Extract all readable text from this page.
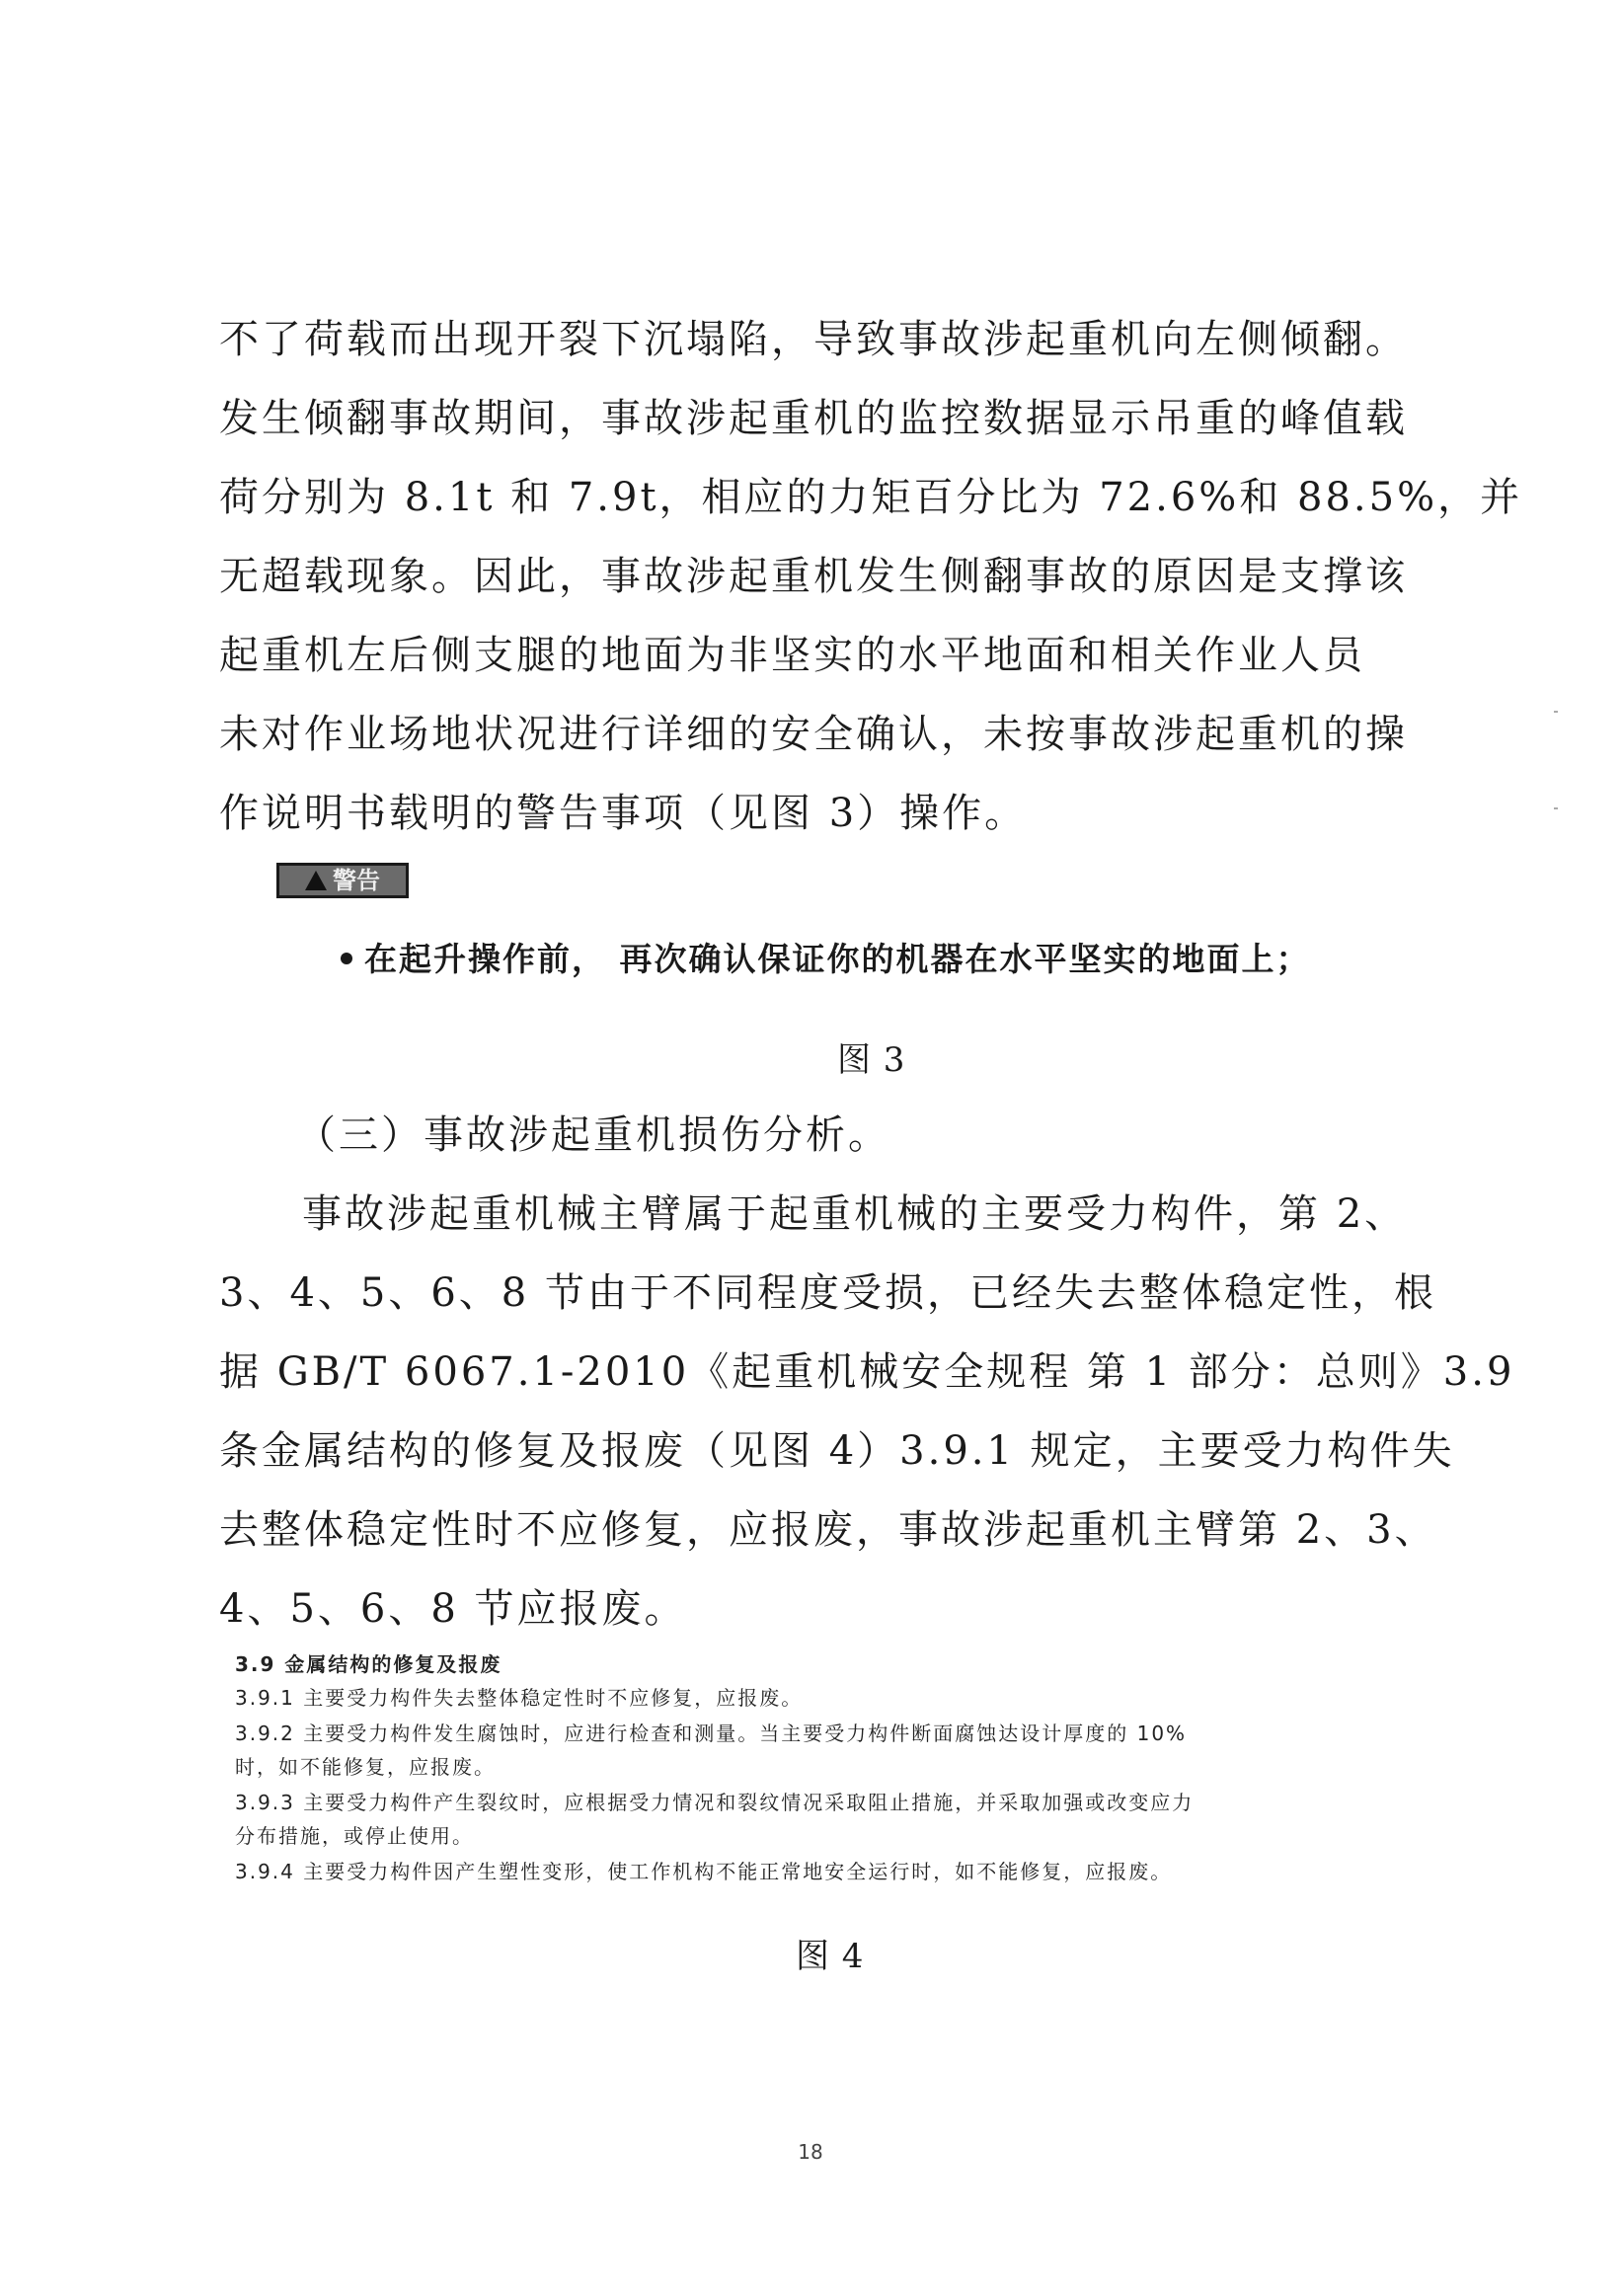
不了荷载而出现开裂下沉塌陷，导致事故涉起重机向左侧倾翻。

发生倾翻事故期间，事故涉起重机的监控数据显示吊重的峰值载

荷分别为 8.1t 和 7.9t，相应的力矩百分比为 72.6%和 88.5%，并

无超载现象。因此，事故涉起重机发生侧翻事故的原因是支撑该

起重机左后侧支腿的地面为非坚实的水平地面和相关作业人员

未对作业场地状况进行详细的安全确认，未按事故涉起重机的操

作说明书载明的警告事项（见图 3）操作。

警告
在起升操作前， 再次确认保证你的机器在水平坚实的地面上；
图 3

（三）事故涉起重机损伤分析。

事故涉起重机械主臂属于起重机械的主要受力构件，第 2、

3、4、5、6、8 节由于不同程度受损，已经失去整体稳定性，根

据 GB/T 6067.1-2010《起重机械安全规程 第 1 部分：总则》3.9

条金属结构的修复及报废（见图 4）3.9.1 规定，主要受力构件失

去整体稳定性时不应修复，应报废，事故涉起重机主臂第 2、3、

4、5、6、8 节应报废。

3.9 金属结构的修复及报废
3.9.1 主要受力构件失去整体稳定性时不应修复，应报废。
3.9.2 主要受力构件发生腐蚀时，应进行检查和测量。当主要受力构件断面腐蚀达设计厚度的 10%
时，如不能修复，应报废。
3.9.3 主要受力构件产生裂纹时，应根据受力情况和裂纹情况采取阻止措施，并采取加强或改变应力
分布措施，或停止使用。
3.9.4 主要受力构件因产生塑性变形，使工作机构不能正常地安全运行时，如不能修复，应报废。
图 4
18
